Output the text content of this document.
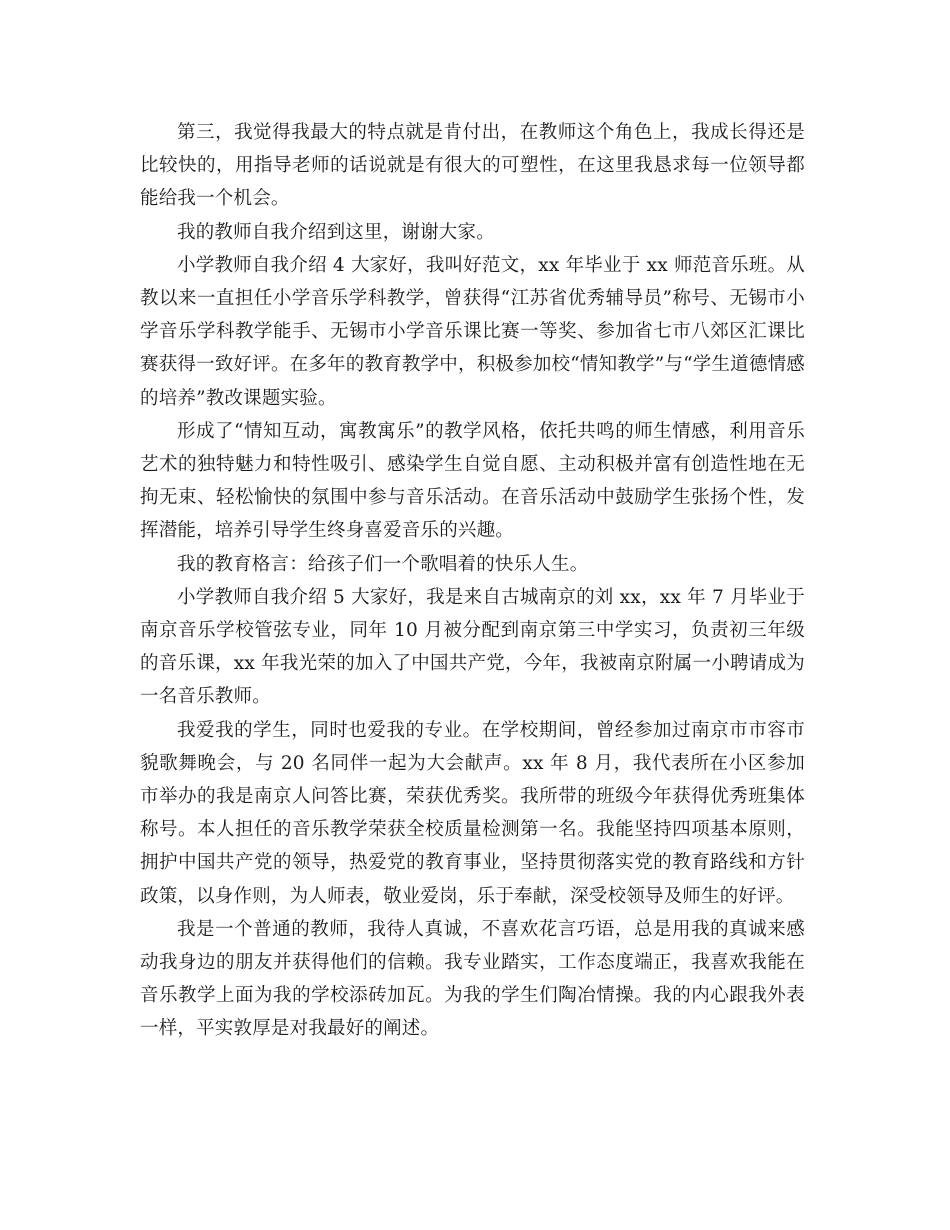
第三，我觉得我最大的特点就是肯付出，在教师这个角色上，我成长得还是比较快的，用指导老师的话说就是有很大的可塑性，在这里我恳求每一位领导都能给我一个机会。

我的教师自我介绍到这里，谢谢大家。

小学教师自我介绍 4 大家好，我叫好范文，xx 年毕业于 xx 师范音乐班。从教以来一直担任小学音乐学科教学，曾获得“江苏省优秀辅导员”称号、无锡市小学音乐学科教学能手、无锡市小学音乐课比赛一等奖、参加省七市八郊区汇课比赛获得一致好评。在多年的教育教学中，积极参加校“情知教学”与“学生道德情感的培养”教改课题实验。

形成了“情知互动，寓教寓乐”的教学风格，依托共鸣的师生情感，利用音乐艺术的独特魅力和特性吸引、感染学生自觉自愿、主动积极并富有创造性地在无拘无束、轻松愉快的氛围中参与音乐活动。在音乐活动中鼓励学生张扬个性，发挥潜能，培养引导学生终身喜爱音乐的兴趣。

我的教育格言：给孩子们一个歌唱着的快乐人生。

小学教师自我介绍 5 大家好，我是来自古城南京的刘 xx，xx 年 7 月毕业于南京音乐学校管弦专业，同年 10 月被分配到南京第三中学实习，负责初三年级的音乐课，xx 年我光荣的加入了中国共产党，今年，我被南京附属一小聘请成为一名音乐教师。

我爱我的学生，同时也爱我的专业。在学校期间，曾经参加过南京市市容市貌歌舞晚会，与 20 名同伴一起为大会献声。xx 年 8 月，我代表所在小区参加市举办的我是南京人问答比赛，荣获优秀奖。我所带的班级今年获得优秀班集体称号。本人担任的音乐教学荣获全校质量检测第一名。我能坚持四项基本原则，拥护中国共产党的领导，热爱党的教育事业，坚持贯彻落实党的教育路线和方针政策，以身作则，为人师表，敬业爱岗，乐于奉献，深受校领导及师生的好评。

我是一个普通的教师，我待人真诚，不喜欢花言巧语，总是用我的真诚来感动我身边的朋友并获得他们的信赖。我专业踏实，工作态度端正，我喜欢我能在音乐教学上面为我的学校添砖加瓦。为我的学生们陶冶情操。我的内心跟我外表一样，平实敦厚是对我最好的阐述。
